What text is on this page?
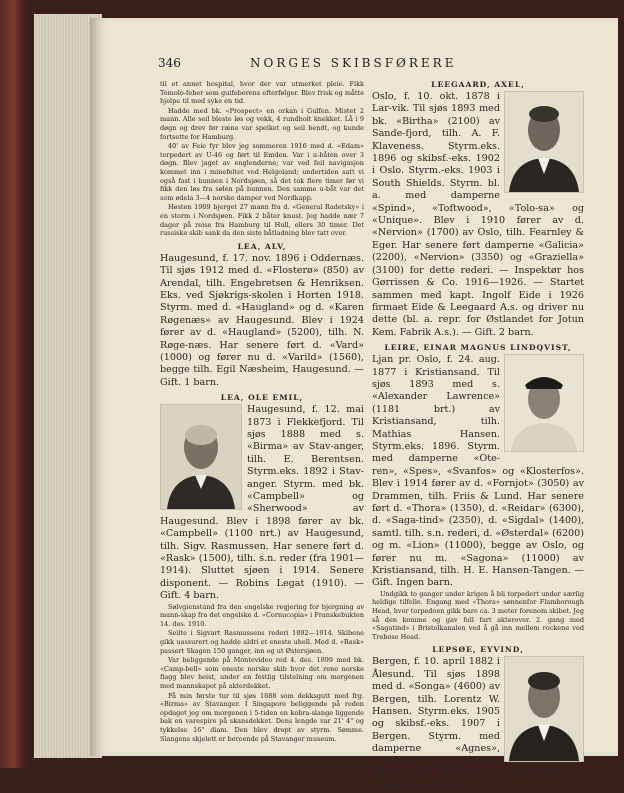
346	NORGES SKIBSFØRERE

til et annet hospital, hvor der var utmerket pleie. Fikk Temolo-feber som guifeberens efterfølger. Blev frisk og måtte hjelpe til med syke en tid.

Hadde med bk. «Prospect» en orkan i Gulfen. Mistet 2 mann. Alle seil bleste løs og vekk, 4 rundholt knekket. Lå i 9 døgn og drev før ræne var spelket og seil bendt, og kunde fortsette for Hamburg.

40' av Feie fyr blev jeg sommeren 1916 med d. «Edam» torpedert av U-46 og ført til Emden. Var i u-båten over 3 døgn. Blev jaget av englenderne; var ved feil navigasjon kommet inn i minefeltet ved Helgoland; undertiden satt vi også fast i bunnen i Nordsjøen, så det tok flere timer før vi fikk den løs fra sølen på bunnen. Den samme u-båt var det som ødela 3—4 norske damper ved Nordkapp.

Høsten 1909 bjerget 27 mann fra d. «General Radetsky» i en storm i Nordsjøen. Fikk 2 båter knust. Jeg hadde nær 7 dager på reise fra Hamburg til Hull, ellers 30 timer. Det russiske skib sank da den siste båtladning blev tatt over.

LEA, ALV,

Haugesund, f. 17. nov. 1896 i Oddernæs. Til sjøs 1912 med d. «Flosterø» (850) av Arendal, tilh. Engebretsen & Henriksen. Eks. ved Sjøkrigs-skolen i Horten 1918. Styrm. med d. «Haugland» og d. «Karen Røgenæs» av Haugesund. Blev i 1924 fører av d. «Haugland» (5200), tilh. N. Røge-næs. Har senere ført d. «Vard» (1000) og fører nu d. «Varild» (1560), begge tilh. Egil Næsheim, Haugesund. — Gift. 1 barn.

LEA, OLE EMIL,

Haugesund, f. 12. mai 1873 i Flekkefjord. Til sjøs 1888 med s. «Birma» av Stav-anger, tilh. E. Berentsen. Styrm.eks. 1892 i Stav-anger. Styrm. med bk. «Campbell» og «Sherwood» av Haugesund. Blev i 1898 fører av bk. «Campbell» (1100 nrt.) av Haugesund, tilh. Sigv. Rasmussen. Har senere ført d. «Rask» (1500), tilh. s.n. reder (fra 1901—1914). Sluttet sjøen i 1914. Senere disponent. — Robins Legat (1910). — Gift. 4 barn.

Sølvgienstand fra den engelske regjering for bjergning av mann-skap fra det engelske d. «Cornucopia» i Franskebukten 14. des. 1910.

Seilte i Sigvart Rasmussens rederi 1892—1914. Skibene gikk uassurert og hadde aldri et eneste uhell. Med d. «Rask» passert Skagen 150 ganger, inn og ut Østersjøen.

Var beliggende på Montevideo red 4. des. 1899 med bk. «Camp-bell» som eneste norske skib hvor det rene norske flagg blev heist, under en festlig tilstelning om morgenen med mannskapet på akterdekket.

På min første tur til sjøs 1888 som dekksgutt med frg. «Birma» av Stavanger. I Singapore beliggende på reden opdaget jeg om morgenen i 5-tiden en kobra-slange liggende bak en varespire på skansdekket. Dens lengde var 21' 4" og tykkelse 16" diam. Den blev drept av styrm. Sømme. Slangens skjelett er beroende på Stavanger museum.

LEEGAARD, AXEL,

Oslo, f. 10. okt. 1878 i Lar-vik. Til sjøs 1893 med bk. «Birtha» (2100) av Sande-fjord, tilh. A. F. Klaveness. Styrm.eks. 1896 og skibsf.-eks. 1902 i Oslo. Styrm.-eks. 1903 i South Shields. Styrm. bl. a. med damperne «Spind», «Toftwood», «Tolo-sa» og «Unique». Blev i 1910 fører av d. «Nervion» (1700) av Oslo, tilh. Fearnley & Eger. Har senere ført damperne «Galicia» (2200), «Nervion» (3350) og «Graziella» (3100) for dette rederi. — Inspektør hos Gørrissen & Co. 1916—1926. — Startet sammen med kapt. Ingolf Eide i 1926 firmaet Eide & Leegaard A.s. og driver nu dette (bl. a. repr. for Østlandet for Jotun Kem. Fabrik A.s.). — Gift. 2 barn.

LEIRE, EINAR MAGNUS LINDQVIST,

Ljan pr. Oslo, f. 24. aug. 1877 i Kristiansand. Til sjøs 1893 med s. «Alexander Lawrence» (1181 brt.) av Kristiansand, tilh. Mathias Hansen. Styrm.eks. 1896. Styrm. med damperne «Ote-ren», «Spes», «Svanfos» og «Klosterfos». Blev i 1914 fører av d. «Fornjot» (3050) av Drammen, tilh. Friis & Lund. Har senere ført d. «Thora» (1350), d. «Reidar» (6300), d. «Saga-tind» (2350), d. «Sigdal» (1400), samtl. tilh. s.n. rederi, d. «Østerdal» (6200) og m. «Lion» (11000), begge av Oslo, og fører nu m. «Sagona» (11000) av Kristiansand, tilh. H. E. Hansen-Tangen. — Gift. Ingen barn.

Undgikk to ganger under krigen å bli torpedert under særlig heldige tilfelle. Engang med «Thora» sønnenfor Flamborough Head, hvor torpedoen gikk bare ca. 3 meter forenom skibet. Jeg så den komme og gav full fart akterover. 2. gang med «Sagatind» i Bristolkanalen ved å gå inn mellem rockene ved Trebose Head.

LEPSØE, EYVIND,

Bergen, f. 10. april 1882 i Ålesund. Til sjøs 1898 med d. «Songa» (4600) av Bergen, tilh. Lorentz W. Hansen. Styrm.eks. 1905 og skibsf.-eks. 1907 i Bergen. Styrm. med damperne «Agnes», «Corinto» og «Galatea». Blev i 1913 fører av s.n. skib (1840) av Bergen, tilh. Adolph
